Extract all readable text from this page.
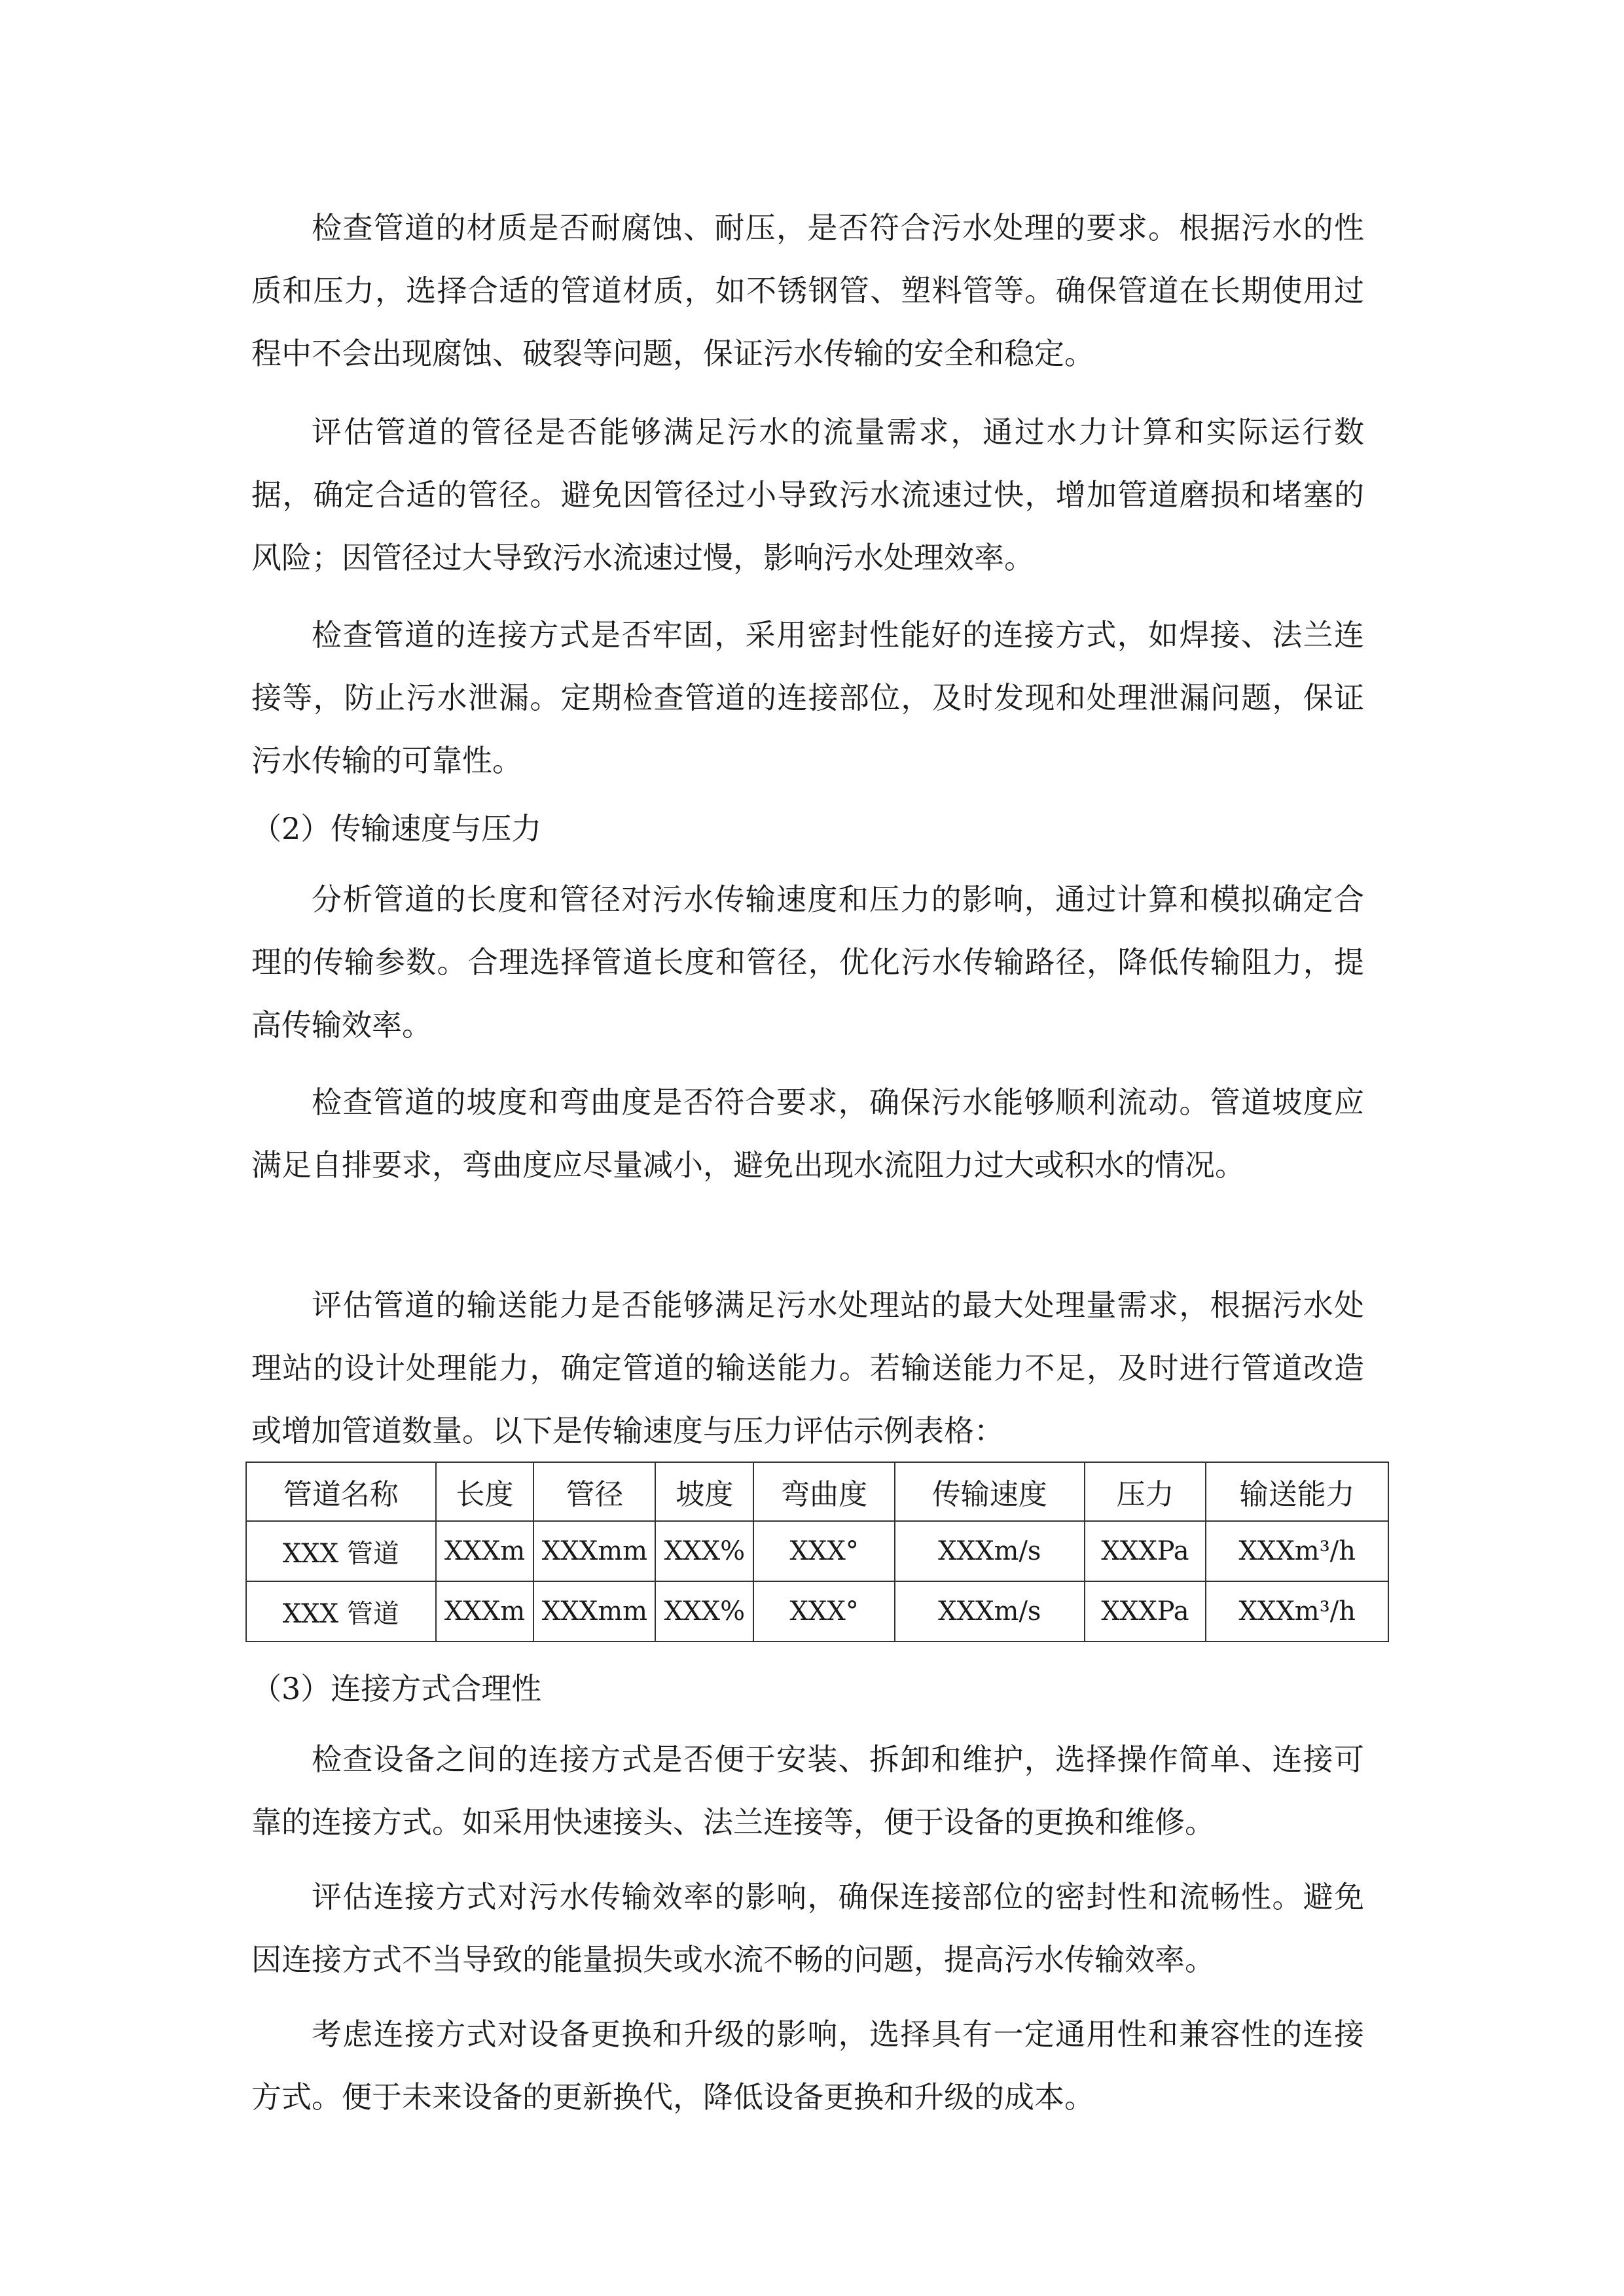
检查管道的材质是否耐腐蚀、耐压，是否符合污水处理的要求。根据污水的性质和压力，选择合适的管道材质，如不锈钢管、塑料管等。确保管道在长期使用过程中不会出现腐蚀、破裂等问题，保证污水传输的安全和稳定。

评估管道的管径是否能够满足污水的流量需求，通过水力计算和实际运行数据，确定合适的管径。避免因管径过小导致污水流速过快，增加管道磨损和堵塞的风险；因管径过大导致污水流速过慢，影响污水处理效率。

检查管道的连接方式是否牢固，采用密封性能好的连接方式，如焊接、法兰连接等，防止污水泄漏。定期检查管道的连接部位，及时发现和处理泄漏问题，保证污水传输的可靠性。

（2）传输速度与压力

分析管道的长度和管径对污水传输速度和压力的影响，通过计算和模拟确定合理的传输参数。合理选择管道长度和管径，优化污水传输路径，降低传输阻力，提高传输效率。

检查管道的坡度和弯曲度是否符合要求，确保污水能够顺利流动。管道坡度应满足自排要求，弯曲度应尽量减小，避免出现水流阻力过大或积水的情况。

评估管道的输送能力是否能够满足污水处理站的最大处理量需求，根据污水处理站的设计处理能力，确定管道的输送能力。若输送能力不足，及时进行管道改造或增加管道数量。以下是传输速度与压力评估示例表格：

管道名称	长度	管径	坡度	弯曲度	传输速度	压力	输送能力
XXX 管道	XXXm	XXXmm	XXX%	XXX°	XXXm/s	XXXPa	XXXm³/h
XXX 管道	XXXm	XXXmm	XXX%	XXX°	XXXm/s	XXXPa	XXXm³/h

（3）连接方式合理性

检查设备之间的连接方式是否便于安装、拆卸和维护，选择操作简单、连接可靠的连接方式。如采用快速接头、法兰连接等，便于设备的更换和维修。

评估连接方式对污水传输效率的影响，确保连接部位的密封性和流畅性。避免因连接方式不当导致的能量损失或水流不畅的问题，提高污水传输效率。

考虑连接方式对设备更换和升级的影响，选择具有一定通用性和兼容性的连接方式。便于未来设备的更新换代，降低设备更换和升级的成本。
